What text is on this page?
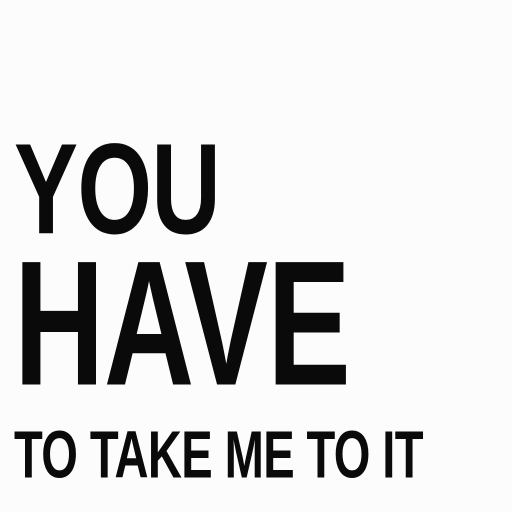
YOU

HAVE

TO TAKE ME TO IT
